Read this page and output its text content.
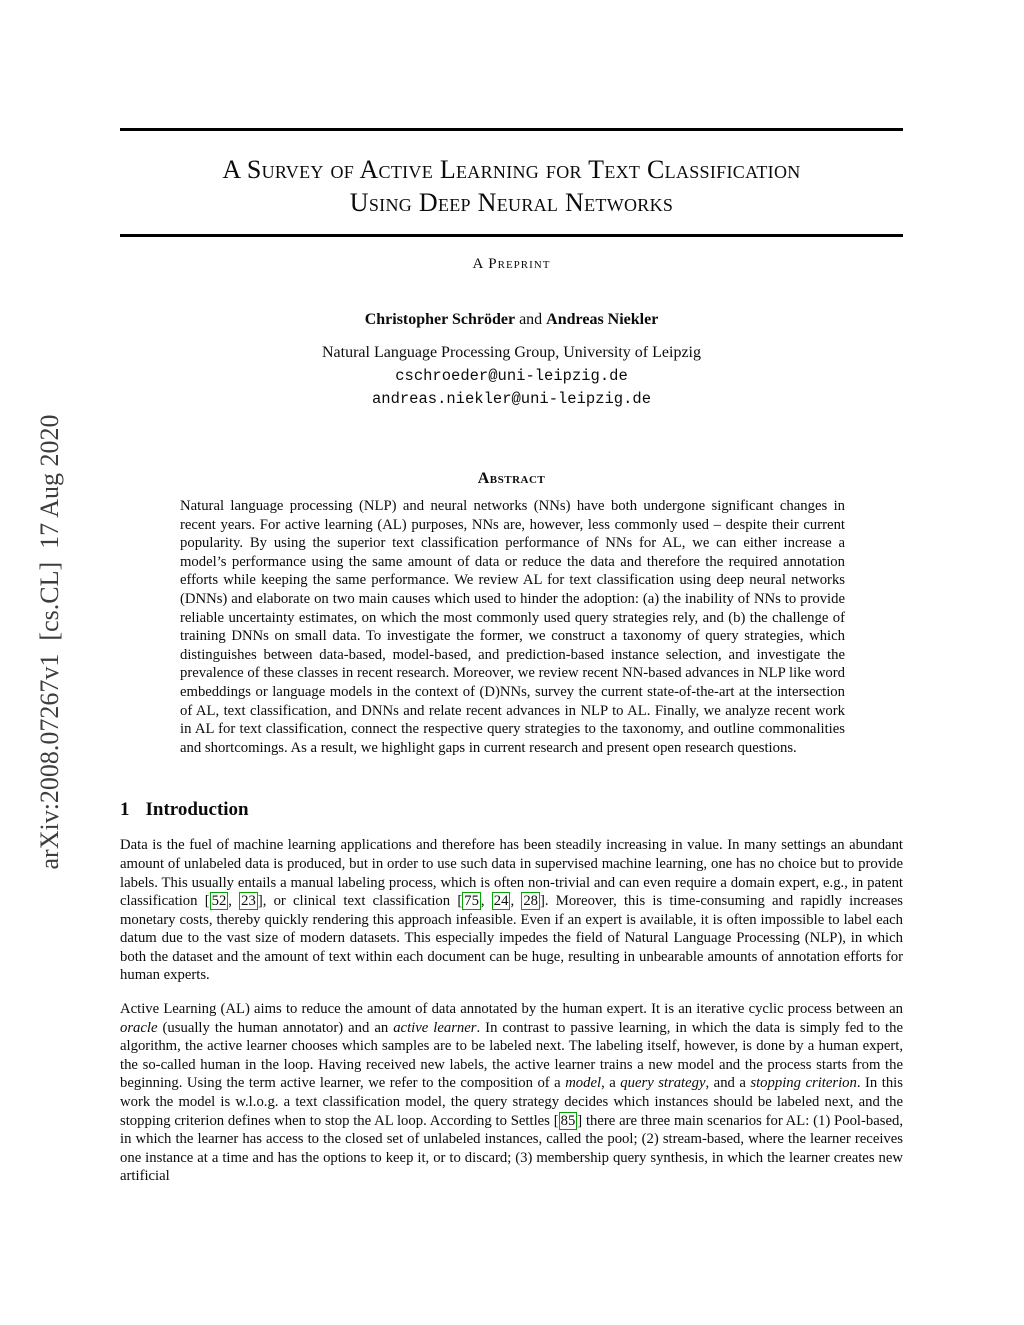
arXiv:2008.07267v1  [cs.CL]  17 Aug 2020
A Survey of Active Learning for Text Classification
Using Deep Neural Networks
A Preprint
Christopher Schröder and Andreas Niekler
Natural Language Processing Group, University of Leipzig
cschroeder@uni-leipzig.de
andreas.niekler@uni-leipzig.de
Abstract
Natural language processing (NLP) and neural networks (NNs) have both undergone significant changes in recent years. For active learning (AL) purposes, NNs are, however, less commonly used – despite their current popularity. By using the superior text classification performance of NNs for AL, we can either increase a model’s performance using the same amount of data or reduce the data and therefore the required annotation efforts while keeping the same performance. We review AL for text classification using deep neural networks (DNNs) and elaborate on two main causes which used to hinder the adoption: (a) the inability of NNs to provide reliable uncertainty estimates, on which the most commonly used query strategies rely, and (b) the challenge of training DNNs on small data. To investigate the former, we construct a taxonomy of query strategies, which distinguishes between data-based, model-based, and prediction-based instance selection, and investigate the prevalence of these classes in recent research. Moreover, we review recent NN-based advances in NLP like word embeddings or language models in the context of (D)NNs, survey the current state-of-the-art at the intersection of AL, text classification, and DNNs and relate recent advances in NLP to AL. Finally, we analyze recent work in AL for text classification, connect the respective query strategies to the taxonomy, and outline commonalities and shortcomings. As a result, we highlight gaps in current research and present open research questions.
1 Introduction
Data is the fuel of machine learning applications and therefore has been steadily increasing in value. In many settings an abundant amount of unlabeled data is produced, but in order to use such data in supervised machine learning, one has no choice but to provide labels. This usually entails a manual labeling process, which is often non-trivial and can even require a domain expert, e.g., in patent classification [ 52 , 23 ], or clinical text classification [ 75 , 24 , 28 ]. Moreover, this is time-consuming and rapidly increases monetary costs, thereby quickly rendering this approach infeasible. Even if an expert is available, it is often impossible to label each datum due to the vast size of modern datasets. This especially impedes the field of Natural Language Processing (NLP), in which both the dataset and the amount of text within each document can be huge, resulting in unbearable amounts of annotation efforts for human experts.
Active Learning (AL) aims to reduce the amount of data annotated by the human expert. It is an iterative cyclic process between an oracle (usually the human annotator) and an active learner. In contrast to passive learning, in which the data is simply fed to the algorithm, the active learner chooses which samples are to be labeled next. The labeling itself, however, is done by a human expert, the so-called human in the loop. Having received new labels, the active learner trains a new model and the process starts from the beginning. Using the term active learner, we refer to the composition of a model, a query strategy, and a stopping criterion. In this work the model is w.l.o.g. a text classification model, the query strategy decides which instances should be labeled next, and the stopping criterion defines when to stop the AL loop. According to Settles [ 85 ] there are three main scenarios for AL: (1) Pool-based, in which the learner has access to the closed set of unlabeled instances, called the pool; (2) stream-based, where the learner receives one instance at a time and has the options to keep it, or to discard; (3) membership query synthesis, in which the learner creates new artificial
